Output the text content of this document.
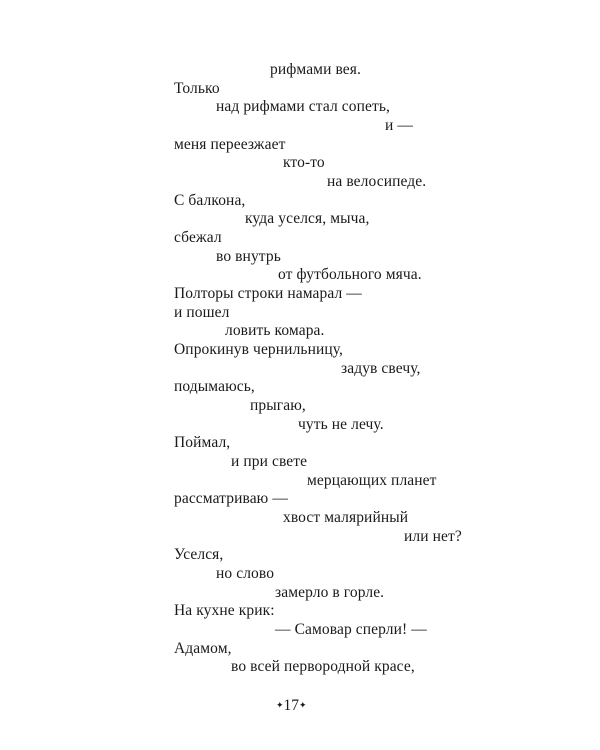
рифмами вея.
Только
над рифмами стал сопеть,
и —
меня переезжает
кто-то
на велосипеде.
С балкона,
куда уселся, мыча,
сбежал
во внутрь
от футбольного мяча.
Полторы строки намарал —
и пошел
ловить комара.
Опрокинув чернильницу,
задув свечу,
подымаюсь,
прыгаю,
чуть не лечу.
Поймал,
и при свете
мерцающих планет
рассматриваю —
хвост малярийный
или нет?
Уселся,
но слово
замерло в горле.
На кухне крик:
— Самовар сперли! —
Адамом,
во всей первородной красе,
✦17✦
